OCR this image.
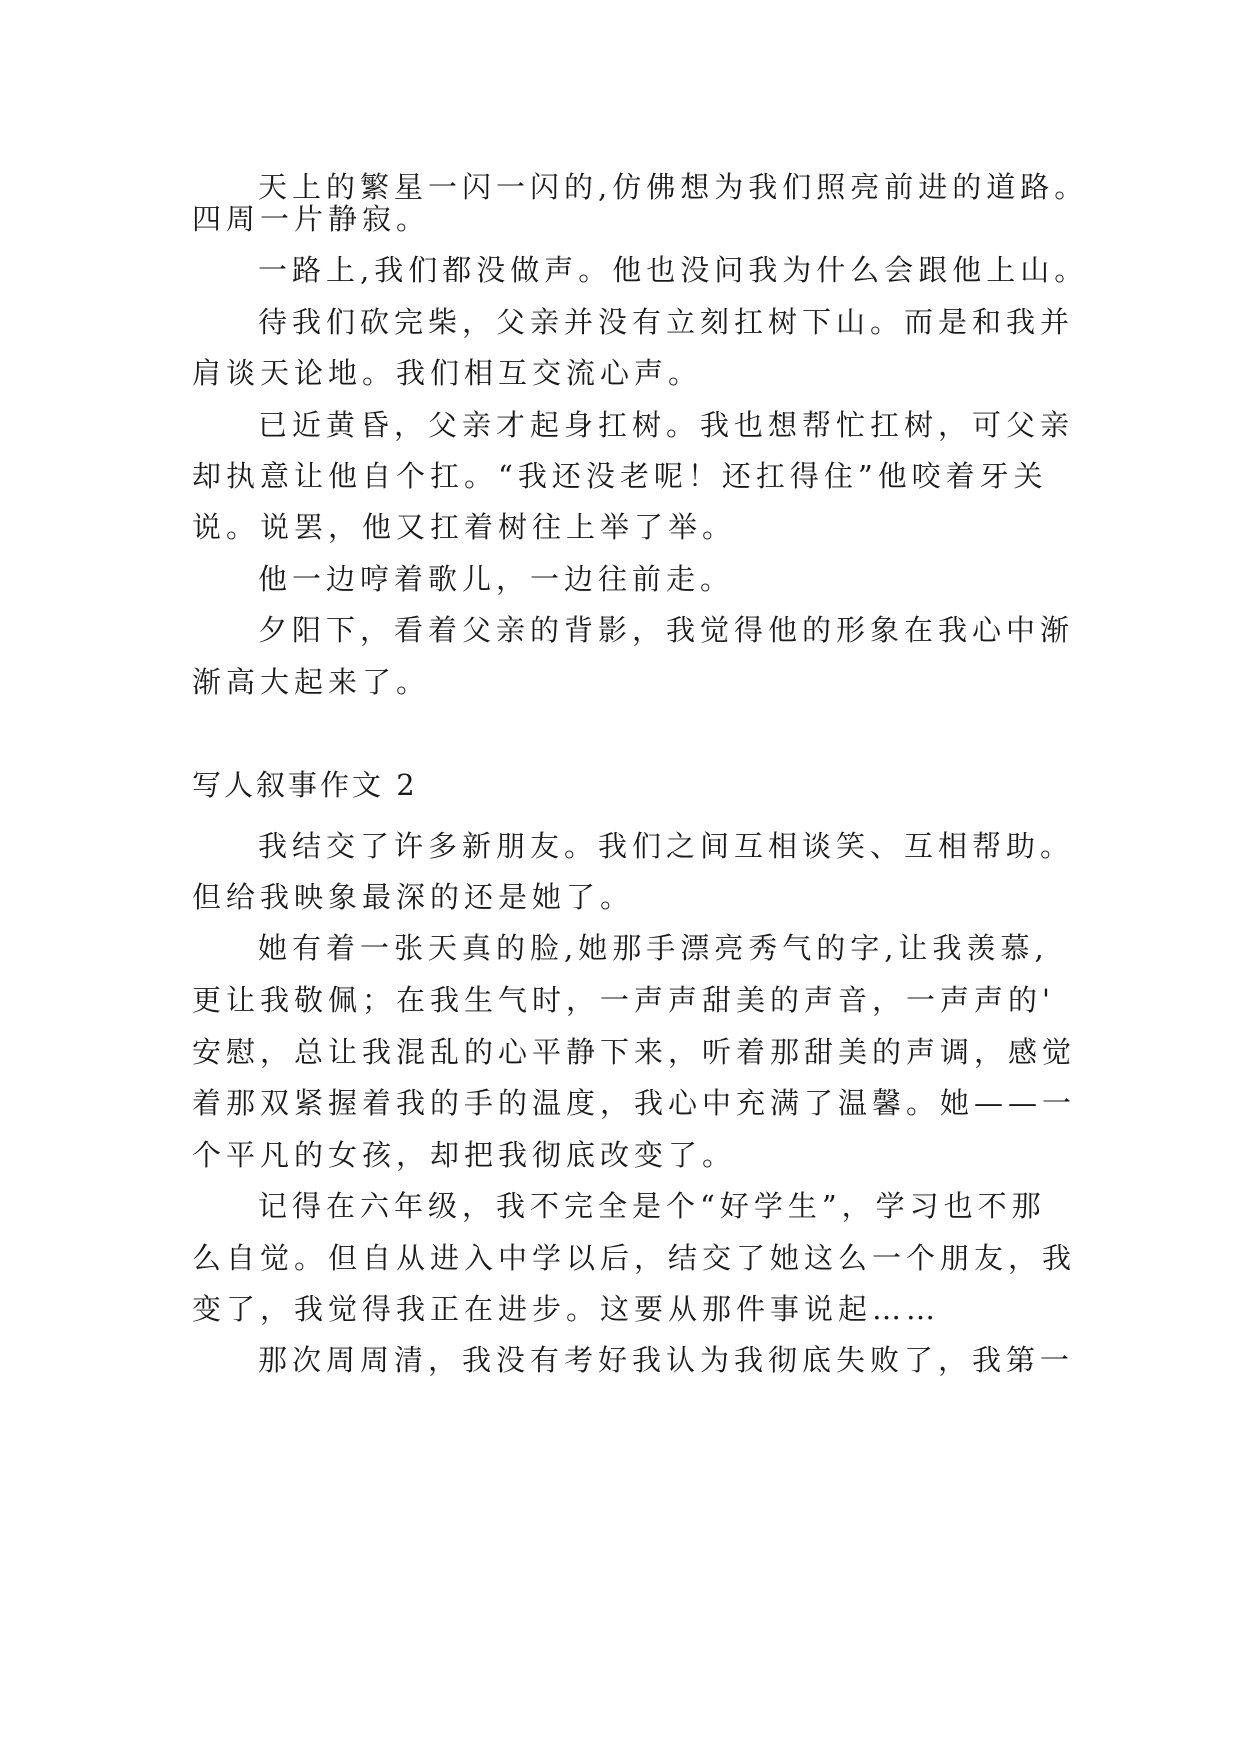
天上的繁星一闪一闪的,仿佛想为我们照亮前进的道路。
四周一片静寂。
一路上,我们都没做声。他也没问我为什么会跟他上山。
待我们砍完柴，父亲并没有立刻扛树下山。而是和我并
肩谈天论地。我们相互交流心声。
已近黄昏，父亲才起身扛树。我也想帮忙扛树，可父亲
却执意让他自个扛。“我还没老呢！还扛得住”他咬着牙关
说。说罢，他又扛着树往上举了举。
他一边哼着歌儿，一边往前走。
夕阳下，看着父亲的背影，我觉得他的形象在我心中渐
渐高大起来了。
写人叙事作文 2
我结交了许多新朋友。我们之间互相谈笑、互相帮助。
但给我映象最深的还是她了。
她有着一张天真的脸,她那手漂亮秀气的字,让我羡慕,
更让我敬佩；在我生气时，一声声甜美的声音，一声声的'
安慰，总让我混乱的心平静下来，听着那甜美的声调，感觉
着那双紧握着我的手的温度，我心中充满了温馨。她——一
个平凡的女孩，却把我彻底改变了。
记得在六年级，我不完全是个“好学生”，学习也不那
么自觉。但自从进入中学以后，结交了她这么一个朋友，我
变了，我觉得我正在进步。这要从那件事说起……
那次周周清，我没有考好我认为我彻底失败了，我第一
